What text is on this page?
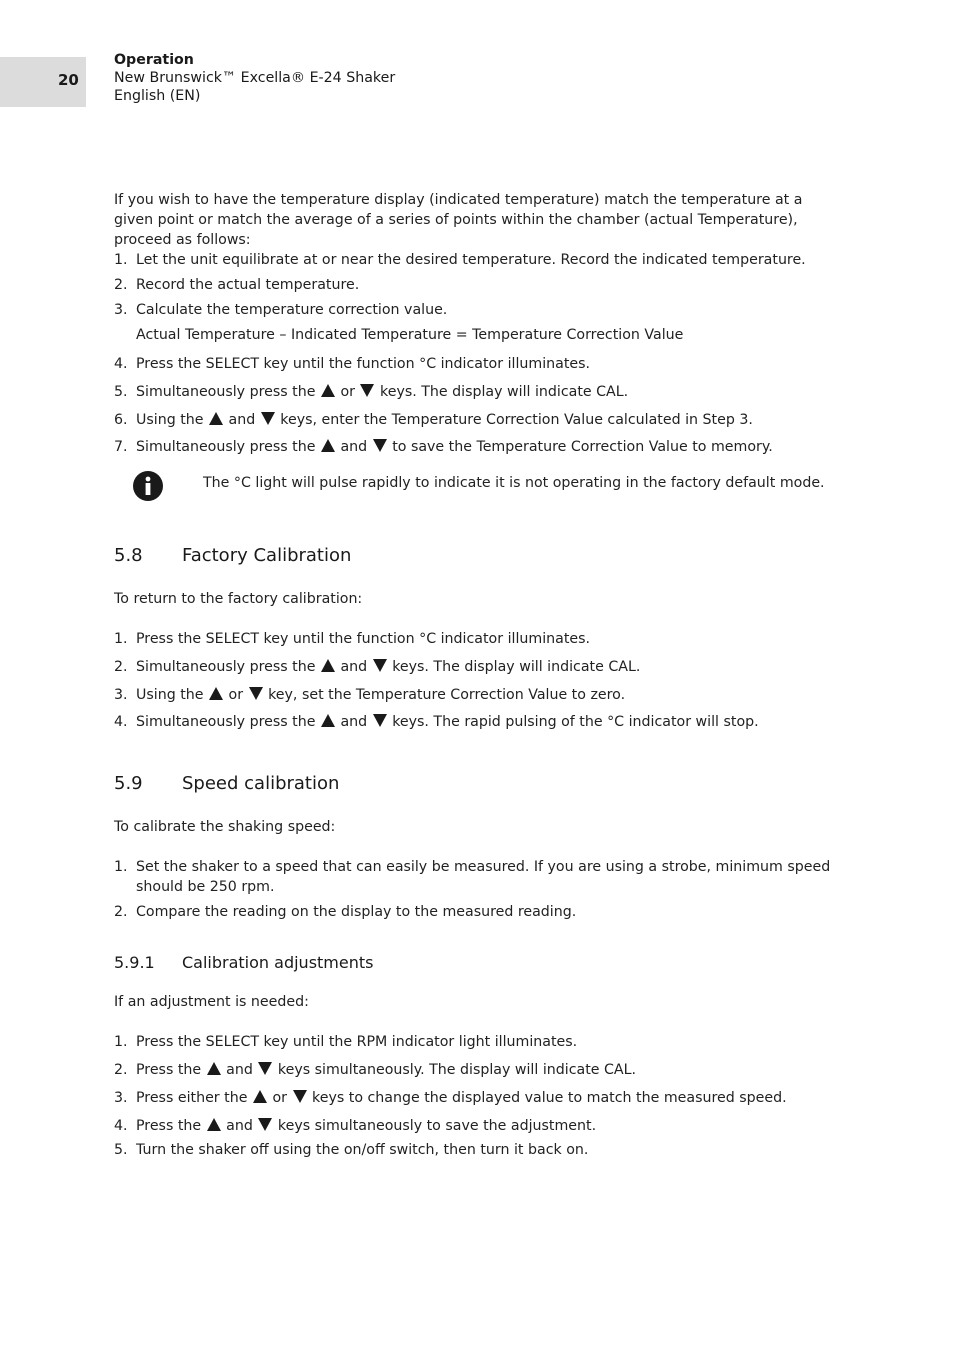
20
Operation
New Brunswick™ Excella® E-24 Shaker
English (EN)

If you wish to have the temperature display (indicated temperature) match the temperature at a given point or match the average of a series of points within the chamber (actual Temperature), proceed as follows:

1. Let the unit equilibrate at or near the desired temperature. Record the indicated temperature.
2. Record the actual temperature.
3. Calculate the temperature correction value.
Actual Temperature – Indicated Temperature = Temperature Correction Value
4. Press the SELECT key until the function °C indicator illuminates.
5. Simultaneously press the or keys. The display will indicate CAL.
6. Using the and keys, enter the Temperature Correction Value calculated in Step 3.
7. Simultaneously press the and to save the Temperature Correction Value to memory.

The °C light will pulse rapidly to indicate it is not operating in the factory default mode.

5.8 Factory Calibration

To return to the factory calibration:

1. Press the SELECT key until the function °C indicator illuminates.
2. Simultaneously press the and keys. The display will indicate CAL.
3. Using the or key, set the Temperature Correction Value to zero.
4. Simultaneously press the and keys. The rapid pulsing of the °C indicator will stop.
5.9 Speed calibration

To calibrate the shaking speed:

1. Set the shaker to a speed that can easily be measured. If you are using a strobe, minimum speed should be 250 rpm.
2. Compare the reading on the display to the measured reading.
5.9.1 Calibration adjustments

If an adjustment is needed:

1. Press the SELECT key until the RPM indicator light illuminates.
2. Press the and keys simultaneously. The display will indicate CAL.
3. Press either the or keys to change the displayed value to match the measured speed.
4. Press the and keys simultaneously to save the adjustment.
5. Turn the shaker off using the on/off switch, then turn it back on.
